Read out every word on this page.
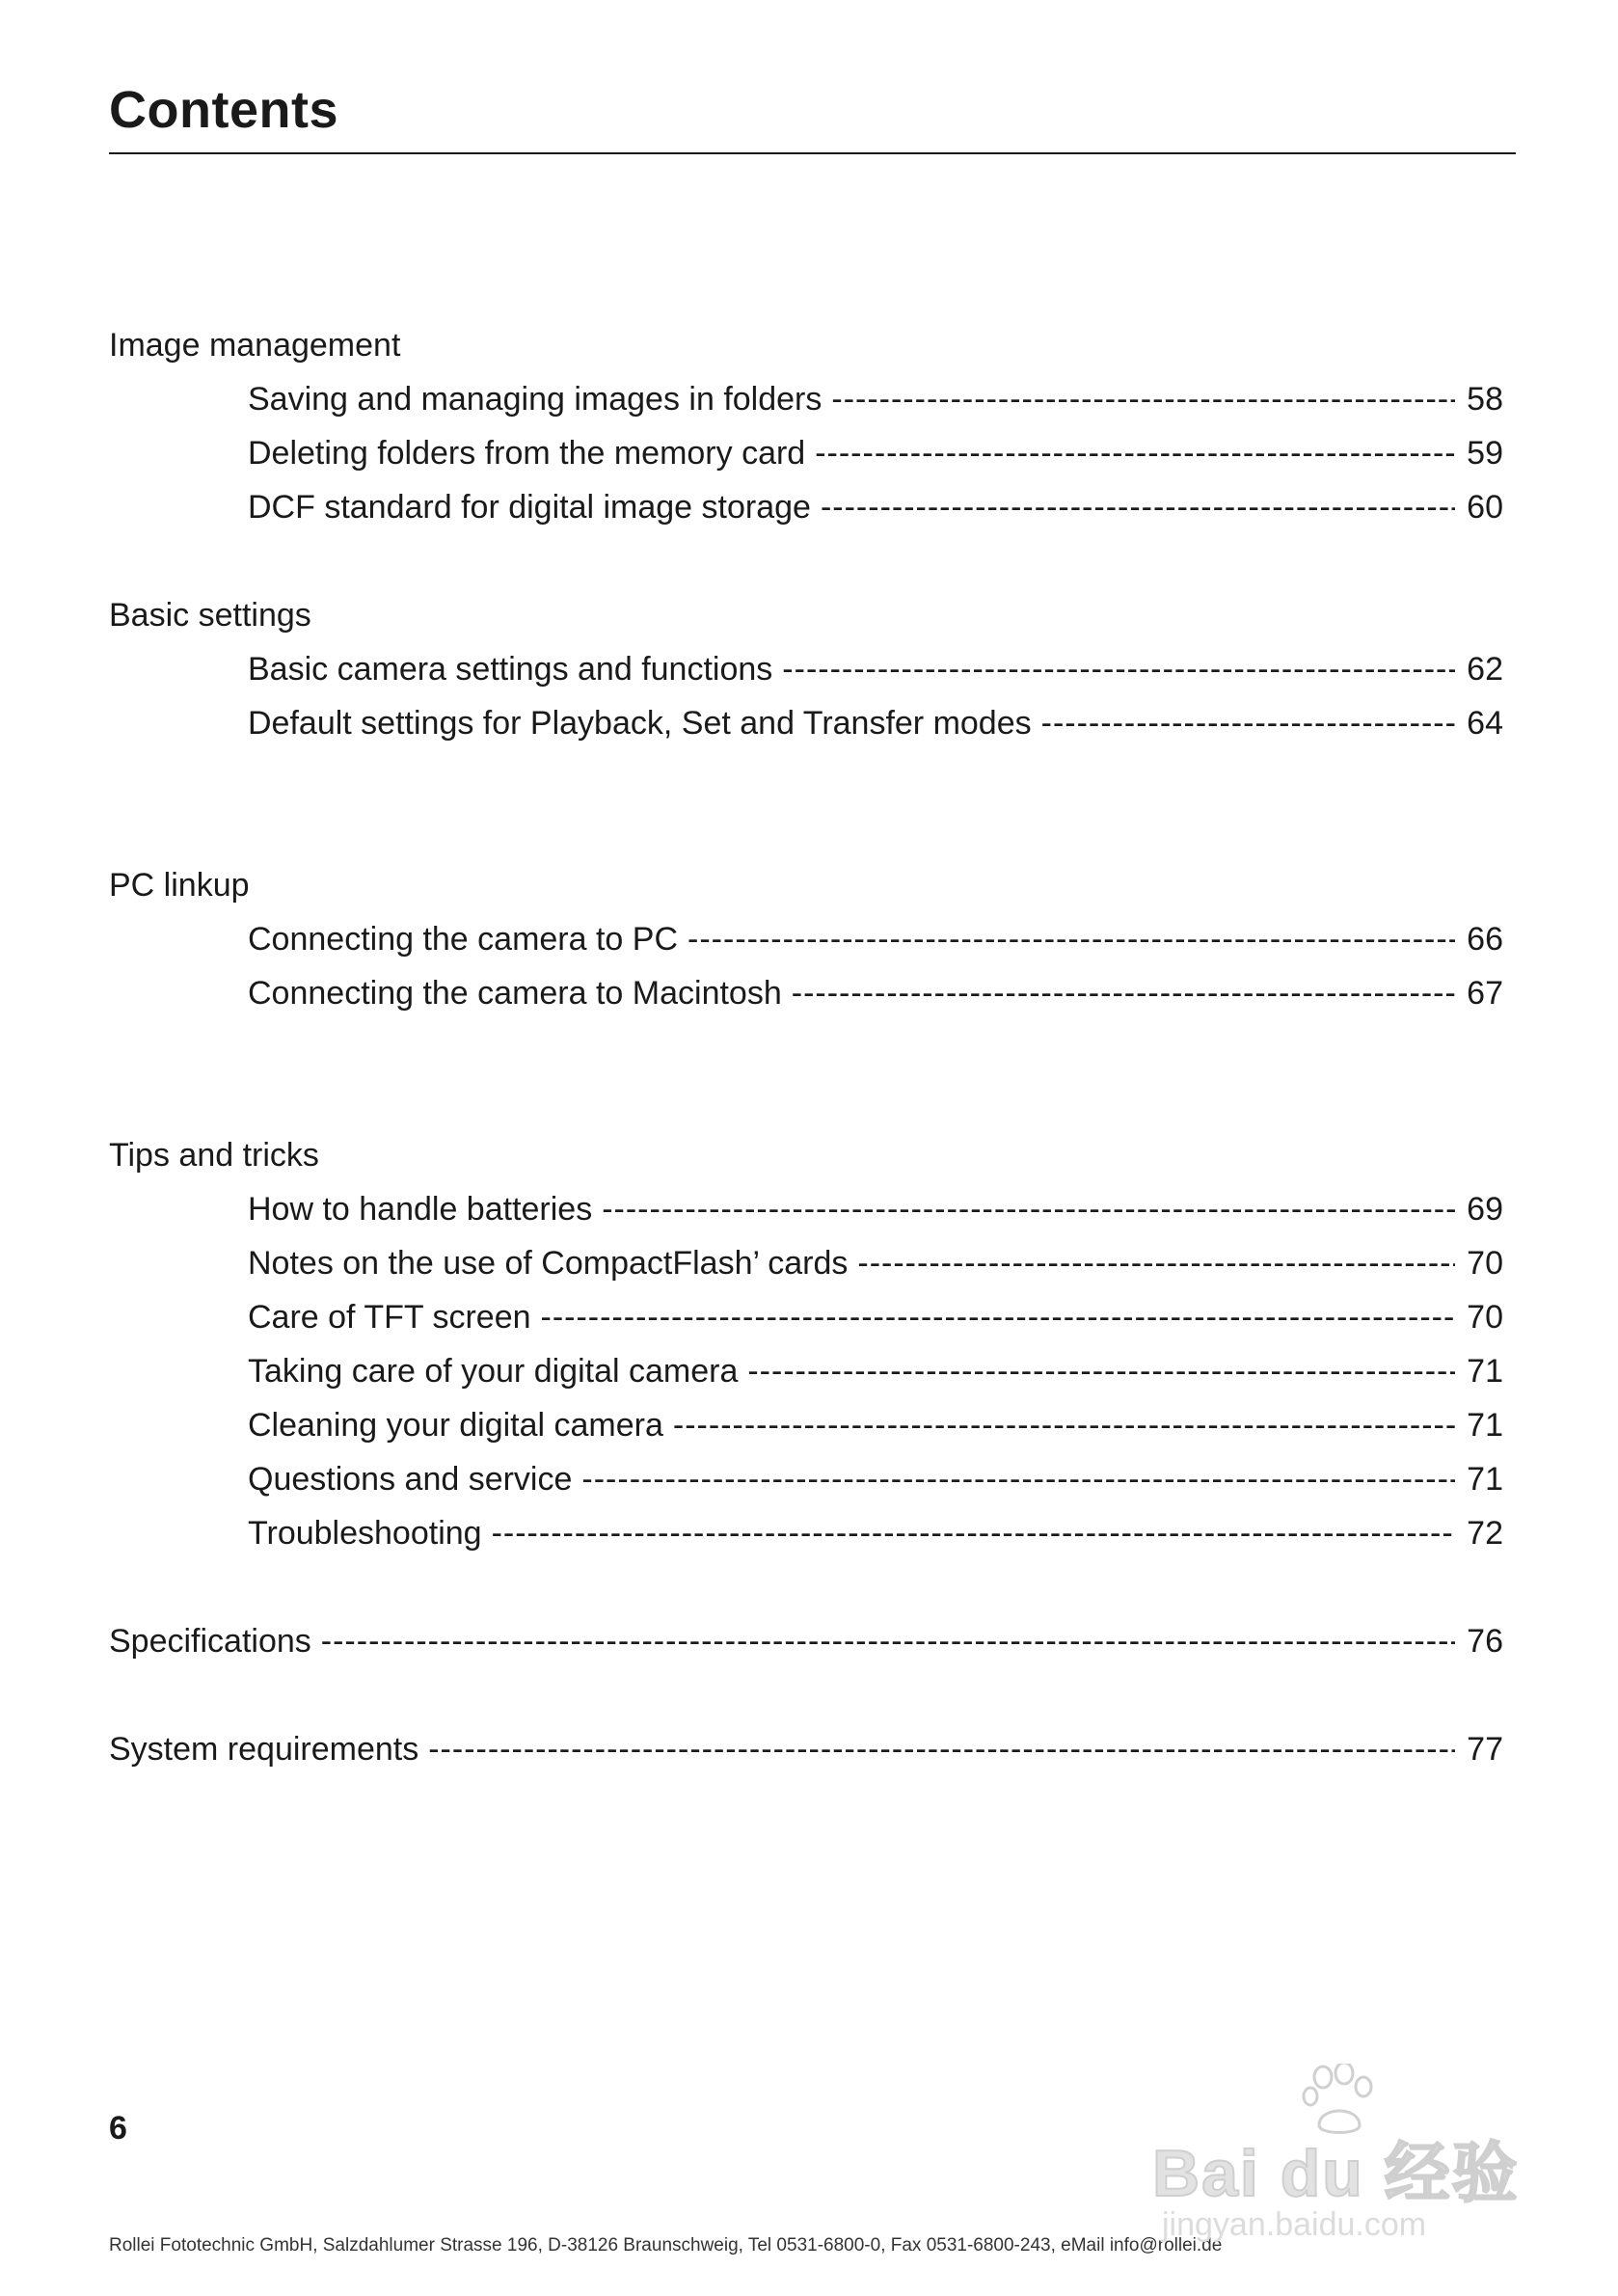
Contents
Image management
Saving and managing images in folders -----	58
Deleting folders from the memory card -----	59
DCF standard for digital image storage -----	60
Basic settings
Basic camera settings and functions -----	62
Default settings for Playback, Set and Transfer modes -----	64
PC linkup
Connecting the camera to PC -----	66
Connecting the camera to Macintosh -----	67
Tips and tricks
How to handle batteries -----	69
Notes on the use of CompactFlash’ cards -----	70
Care of TFT screen -----	70
Taking care of your digital camera -----	71
Cleaning your digital camera -----	71
Questions and service -----	71
Troubleshooting -----	72
Specifications -----	76
System requirements -----	77
6
Rollei Fototechnic GmbH, Salzdahlumer Strasse 196, D-38126 Braunschweig, Tel 0531-6800-0, Fax 0531-6800-243, eMail info@rollei.de
Bai du 经验
jingyan.baidu.com
